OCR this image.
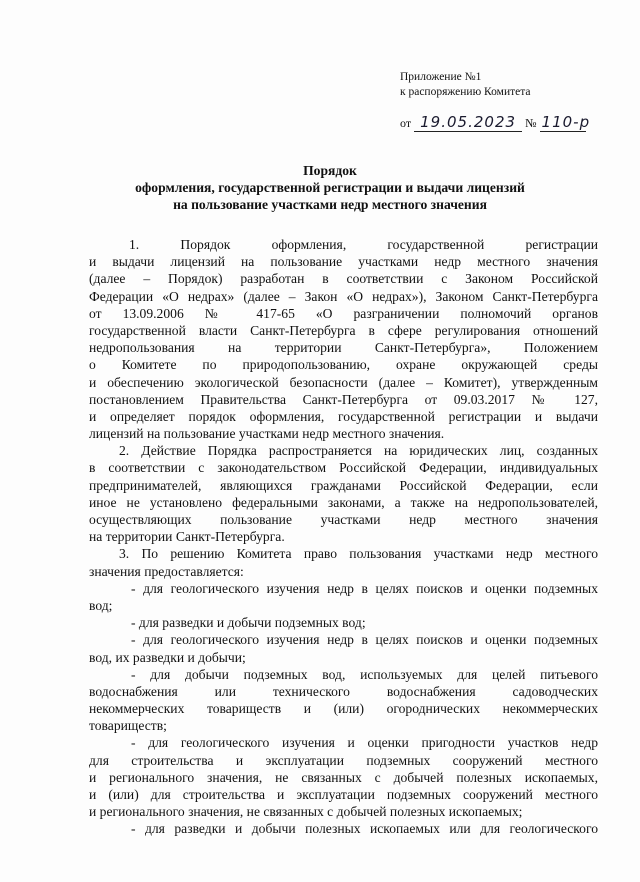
Приложение №1
к распоряжению Комитета
от 19.05.2023 № 110-р
Порядок
оформления, государственной регистрации и выдачи лицензий
на пользование участками недр местного значения
1. Порядок оформления, государственной регистрации
и выдачи лицензий на пользование участками недр местного значения
(далее – Порядок) разработан в соответствии с Законом Российской
Федерации «О недрах» (далее – Закон «О недрах»), Законом Санкт-Петербурга
от 13.09.2006 № 417-65 «О разграничении полномочий органов
государственной власти Санкт-Петербурга в сфере регулирования отношений
недропользования на территории Санкт-Петербурга», Положением
о Комитете по природопользованию, охране окружающей среды
и обеспечению экологической безопасности (далее – Комитет), утвержденным
постановлением Правительства Санкт-Петербурга от 09.03.2017 № 127,
и определяет порядок оформления, государственной регистрации и выдачи
лицензий на пользование участками недр местного значения.
2. Действие Порядка распространяется на юридических лиц, созданных
в соответствии с законодательством Российской Федерации, индивидуальных
предпринимателей, являющихся гражданами Российской Федерации, если
иное не установлено федеральными законами, а также на недропользователей,
осуществляющих пользование участками недр местного значения
на территории Санкт-Петербурга.
3. По решению Комитета право пользования участками недр местного
значения предоставляется:
- для геологического изучения недр в целях поисков и оценки подземных
вод;
- для разведки и добычи подземных вод;
- для геологического изучения недр в целях поисков и оценки подземных
вод, их разведки и добычи;
- для добычи подземных вод, используемых для целей питьевого
водоснабжения или технического водоснабжения садоводческих
некоммерческих товариществ и (или) огороднических некоммерческих
товариществ;
- для геологического изучения и оценки пригодности участков недр
для строительства и эксплуатации подземных сооружений местного
и регионального значения, не связанных с добычей полезных ископаемых,
и (или) для строительства и эксплуатации подземных сооружений местного
и регионального значения, не связанных с добычей полезных ископаемых;
- для разведки и добычи полезных ископаемых или для геологического
